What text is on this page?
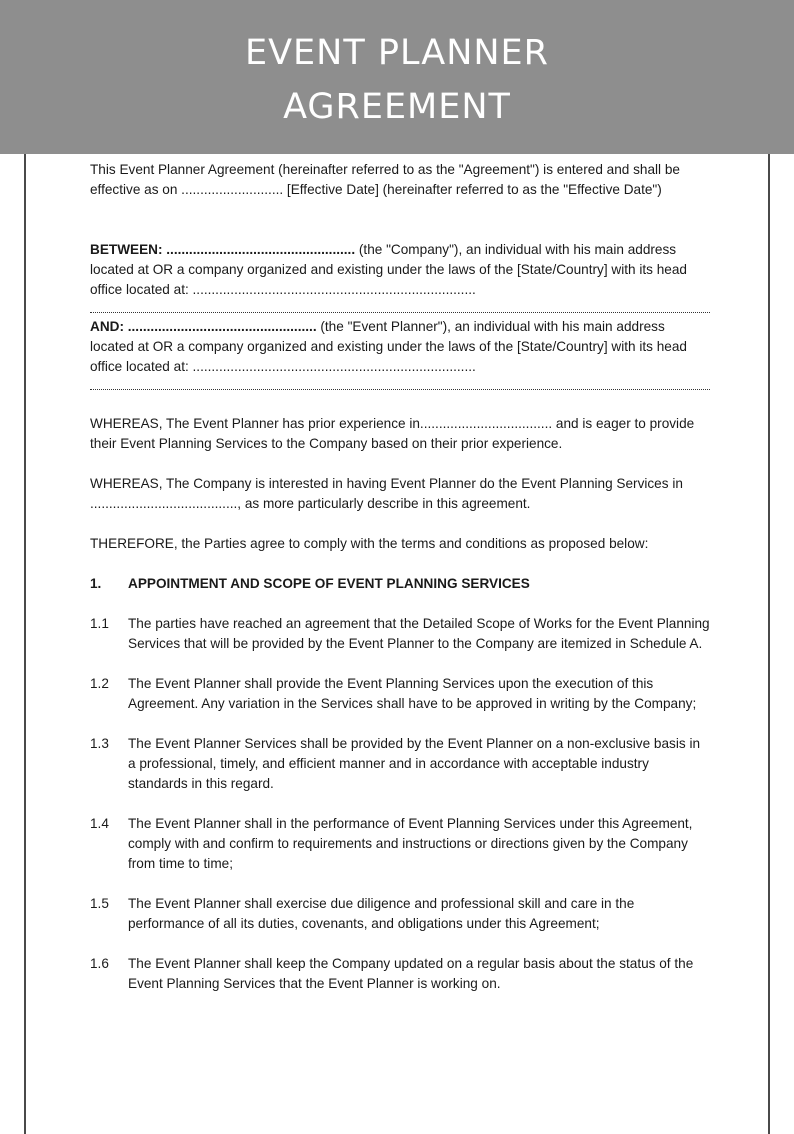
EVENT PLANNER
AGREEMENT

This Event Planner Agreement (hereinafter referred to as the "Agreement") is entered and shall be effective as on ........................... [Effective Date] (hereinafter referred to as the "Effective Date")

BETWEEN: .................................................. (the "Company"), an individual with his main address located at OR a company organized and existing under the laws of the [State/Country] with its head office located at: ...........................................................................

AND: .................................................. (the "Event Planner"), an individual with his main address located at OR a company organized and existing under the laws of the [State/Country] with its head office located at: ...........................................................................

WHEREAS, The Event Planner has prior experience in................................... and is eager to provide their Event Planning Services to the Company based on their prior experience.

WHEREAS, The Company is interested in having Event Planner do the Event Planning Services in ......................................., as more particularly describe in this agreement.

THEREFORE, the Parties agree to comply with the terms and conditions as proposed below:

1.	APPOINTMENT AND SCOPE OF EVENT PLANNING SERVICES
1.1	The parties have reached an agreement that the Detailed Scope of Works for the Event Planning Services that will be provided by the Event Planner to the Company are itemized in Schedule A.
1.2	The Event Planner shall provide the Event Planning Services upon the execution of this Agreement. Any variation in the Services shall have to be approved in writing by the Company;
1.3	The Event Planner Services shall be provided by the Event Planner on a non-exclusive basis in a professional, timely, and efficient manner and in accordance with acceptable industry standards in this regard.
1.4	The Event Planner shall in the performance of Event Planning Services under this Agreement, comply with and confirm to requirements and instructions or directions given by the Company from time to time;
1.5	The Event Planner shall exercise due diligence and professional skill and care in the performance of all its duties, covenants, and obligations under this Agreement;
1.6	The Event Planner shall keep the Company updated on a regular basis about the status of the Event Planning Services that the Event Planner is working on.
